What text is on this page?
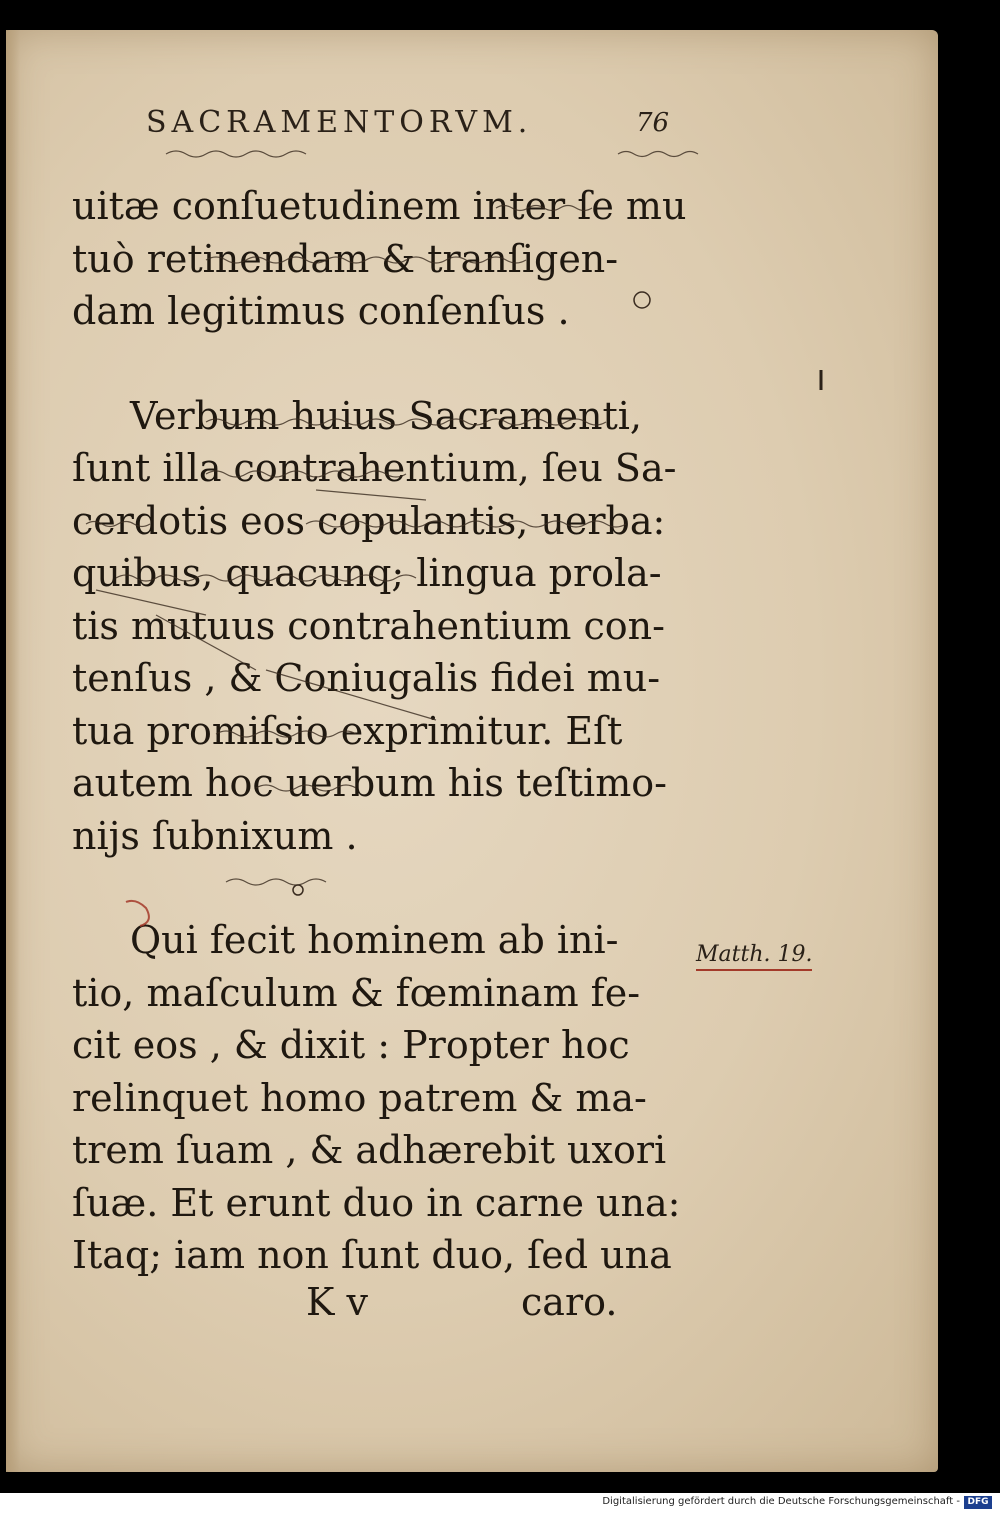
SACRAMENTORVM.	76
uitæ conſuetudinem inter ſe mu
tuò retinendam & tranſigen-
dam legitimus conſenſus .
Verbum huius Sacramenti,
ſunt illa contrahentium, ſeu Sa-
cerdotis eos copulantis, uerba:
quibus, quacunq; lingua prola-
tis mutuus contrahentium con-
tenſus , & Coniugalis fidei mu-
tua promiſsio exprimitur. Eſt
autem hoc uerbum his teſtimo-
nijs ſubnixum .
Qui fecit hominem ab ini-
tio, maſculum & fœminam fe-
cit eos , & dixit : Propter hoc
relinquet homo patrem & ma-
trem ſuam , & adhærebit uxori
ſuæ. Et erunt duo in carne una:
Itaq; iam non ſunt duo, ſed una
K v	caro.
Matth. 19.
Digitalisierung gefördert durch die Deutsche Forschungsgemeinschaft - DFG
